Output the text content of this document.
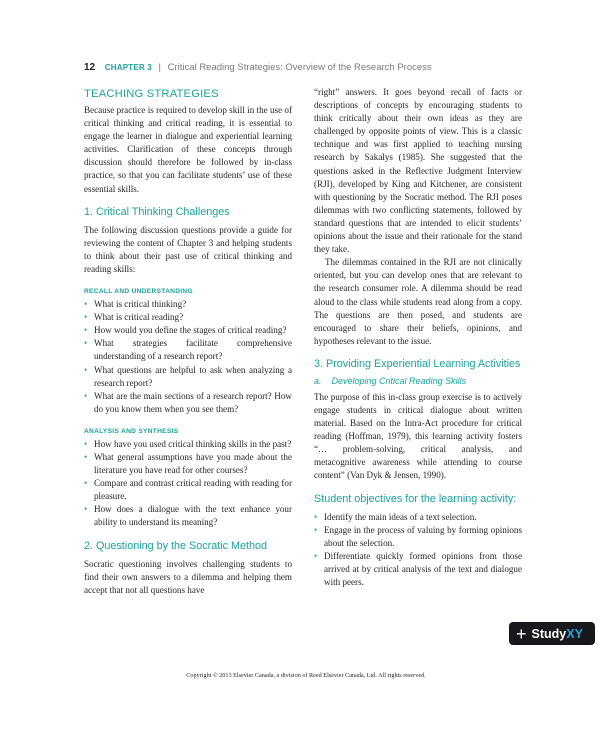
12 CHAPTER 3 | Critical Reading Strategies: Overview of the Research Process
TEACHING STRATEGIES

Because practice is required to develop skill in the use of critical thinking and critical reading, it is essential to engage the learner in dialogue and experiential learning activities. Clarification of these concepts through discussion should therefore be followed by in-class practice, so that you can facilitate students’ use of these essential skills.

1. Critical Thinking Challenges

The following discussion questions provide a guide for reviewing the content of Chapter 3 and helping students to think about their past use of critical thinking and reading skills:

RECALL AND UNDERSTANDING
• What is critical thinking?
• What is critical reading?
• How would you define the stages of critical reading?
• What strategies facilitate comprehensive understanding of a research report?
• What questions are helpful to ask when analyzing a research report?
• What are the main sections of a research report? How do you know them when you see them?
ANALYSIS AND SYNTHESIS
• How have you used critical thinking skills in the past?
• What general assumptions have you made about the literature you have read for other courses?
• Compare and contrast critical reading with reading for pleasure.
• How does a dialogue with the text enhance your ability to understand its meaning?
2. Questioning by the Socratic Method

Socratic questioning involves challenging students to find their own answers to a dilemma and helping them accept that not all questions have

“right” answers. It goes beyond recall of facts or descriptions of concepts by encouraging students to think critically about their own ideas as they are challenged by opposite points of view. This is a classic technique and was first applied to teaching nursing research by Sakalys (1985). She suggested that the questions asked in the Reflective Judgment Interview (RJI), developed by King and Kitchener, are consistent with questioning by the Socratic method. The RJI poses dilemmas with two conflicting statements, followed by standard questions that are intended to elicit students’ opinions about the issue and their rationale for the stand they take.

The dilemmas contained in the RJI are not clinically oriented, but you can develop ones that are relevant to the research consumer role. A dilemma should be read aloud to the class while students read along from a copy. The questions are then posed, and students are encouraged to share their beliefs, opinions, and hypotheses relevant to the issue.

3. Providing Experiential Learning Activities
a. Developing Critical Reading Skills

The purpose of this in-class group exercise is to actively engage students in critical dialogue about written material. Based on the Intra-Act procedure for critical reading (Hoffman, 1979), this learning activity fosters “… problem-solving, critical analysis, and metacognitive awareness while attending to course content” (Van Dyk & Jensen, 1990).

Student objectives for the learning activity:
• Identify the main ideas of a text selection.
• Engage in the process of valuing by forming opinions about the selection.
• Differentiate quickly formed opinions from those arrived at by critical analysis of the text and dialogue with peers.
Copyright © 2013 Elsevier Canada, a division of Reed Elsevier Canada, Ltd. All rights reserved.
+ StudyXY
